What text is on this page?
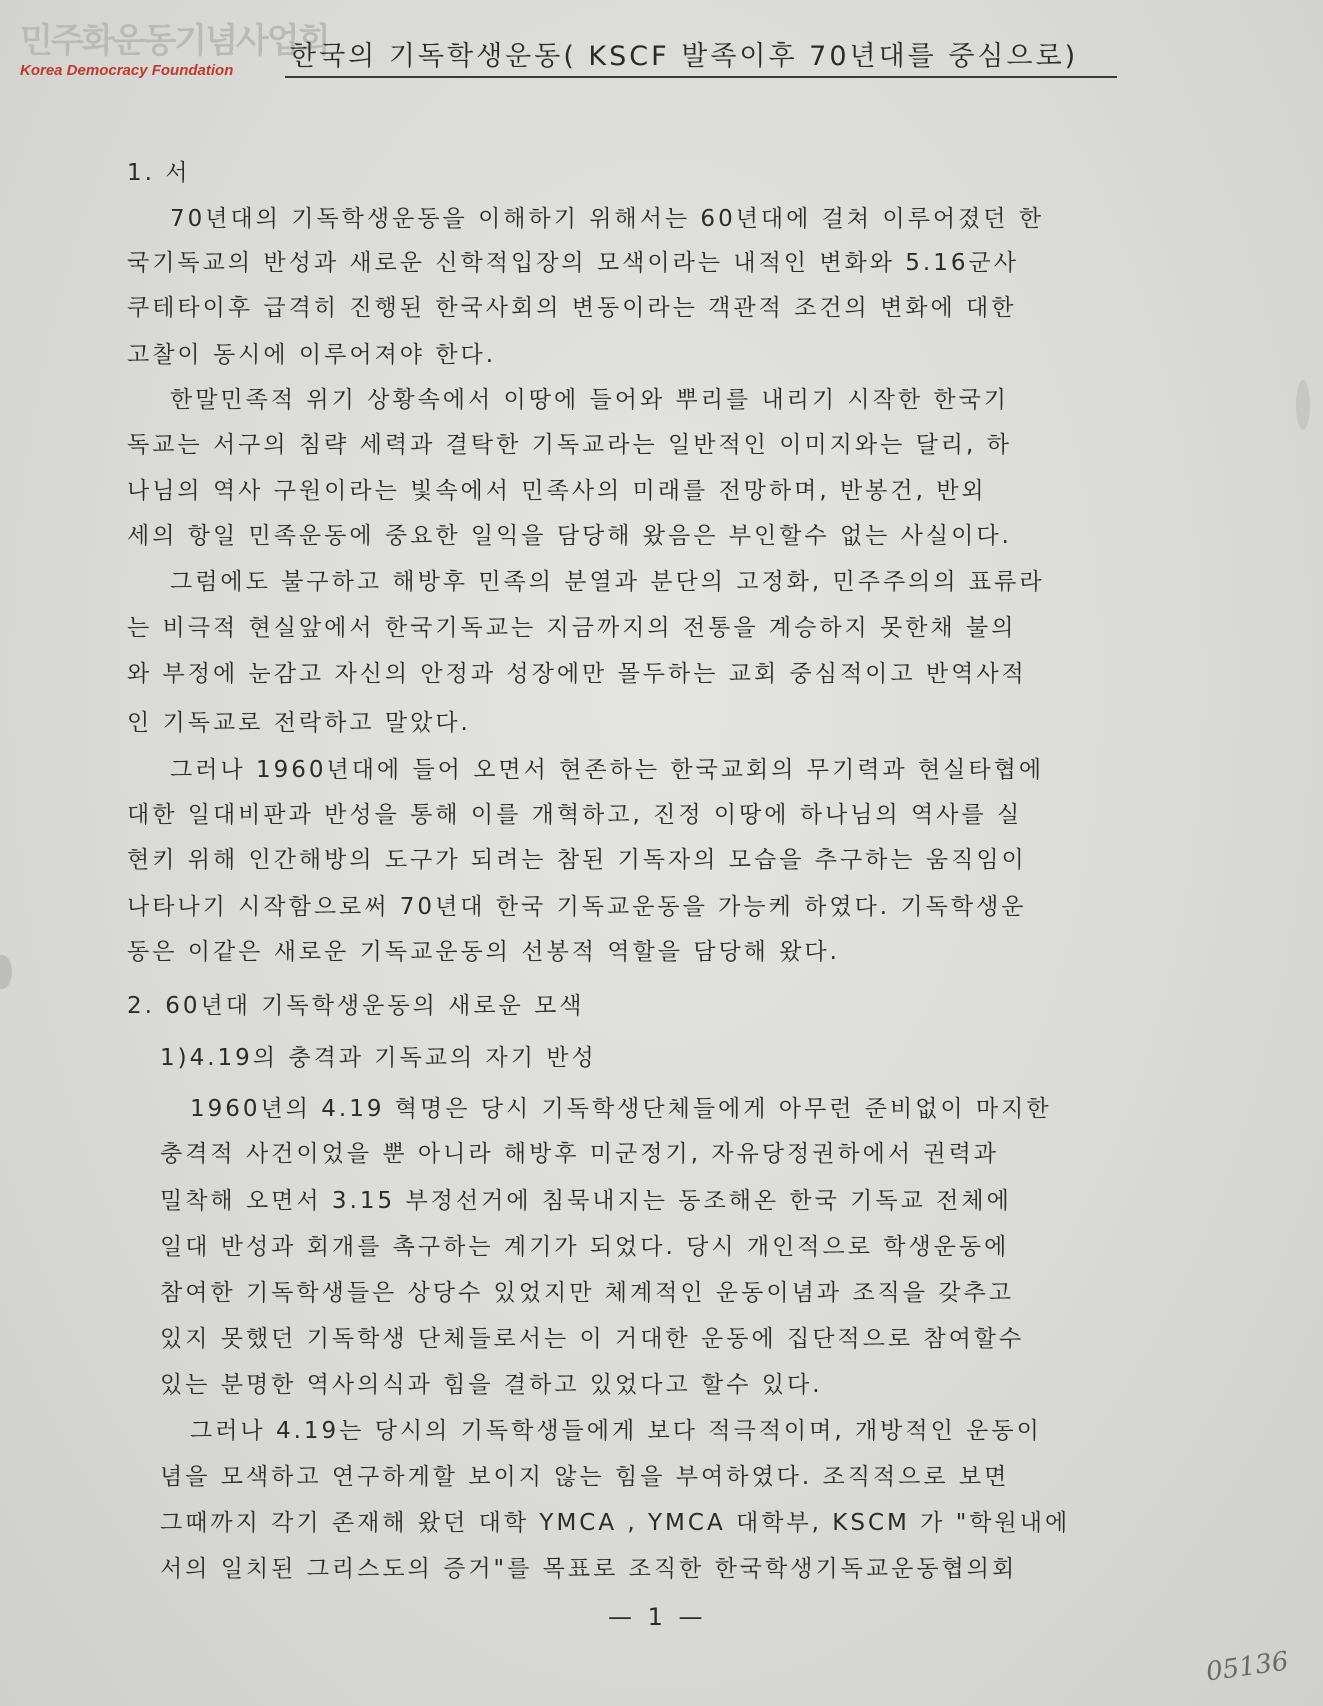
민주화운동기념사업회
Korea Democracy Foundation	한국의 기독학생운동( KSCF 발족이후 70년대를 중심으로)
1. 서
70년대의 기독학생운동을 이해하기 위해서는 60년대에 걸쳐 이루어졌던 한
국기독교의 반성과 새로운 신학적입장의 모색이라는 내적인 변화와 5.16군사
쿠테타이후 급격히 진행된 한국사회의 변동이라는 객관적 조건의 변화에 대한
고찰이 동시에 이루어져야 한다.
한말민족적 위기 상황속에서 이땅에 들어와 뿌리를 내리기 시작한 한국기
독교는 서구의 침략 세력과 결탁한 기독교라는 일반적인 이미지와는 달리, 하
나님의 역사 구원이라는 빛속에서 민족사의 미래를 전망하며, 반봉건, 반외
세의 항일 민족운동에 중요한 일익을 담당해 왔음은 부인할수 없는 사실이다.
그럼에도 불구하고 해방후 민족의 분열과 분단의 고정화, 민주주의의 표류라
는 비극적 현실앞에서 한국기독교는 지금까지의 전통을 계승하지 못한채 불의
와 부정에 눈감고 자신의 안정과 성장에만 몰두하는 교회 중심적이고 반역사적
인 기독교로 전락하고 말았다.
그러나 1960년대에 들어 오면서 현존하는 한국교회의 무기력과 현실타협에
대한 일대비판과 반성을 통해 이를 개혁하고, 진정 이땅에 하나님의 역사를 실
현키 위해 인간해방의 도구가 되려는 참된 기독자의 모습을 추구하는 움직임이
나타나기 시작함으로써 70년대 한국 기독교운동을 가능케 하였다. 기독학생운
동은 이같은 새로운 기독교운동의 선봉적 역할을 담당해 왔다.
2. 60년대 기독학생운동의 새로운 모색
1)4.19의 충격과 기독교의 자기 반성
1960년의 4.19 혁명은 당시 기독학생단체들에게 아무런 준비없이 마지한
충격적 사건이었을 뿐 아니라 해방후 미군정기, 자유당정권하에서 권력과
밀착해 오면서 3.15 부정선거에 침묵내지는 동조해온 한국 기독교 전체에
일대 반성과 회개를 촉구하는 계기가 되었다. 당시 개인적으로 학생운동에
참여한 기독학생들은 상당수 있었지만 체계적인 운동이념과 조직을 갖추고
있지 못했던 기독학생 단체들로서는 이 거대한 운동에 집단적으로 참여할수
있는 분명한 역사의식과 힘을 결하고 있었다고 할수 있다.
그러나 4.19는 당시의 기독학생들에게 보다 적극적이며, 개방적인 운동이
념을 모색하고 연구하게할 보이지 않는 힘을 부여하였다. 조직적으로 보면
그때까지 각기 존재해 왔던 대학 YMCA , YMCA 대학부, KSCM 가 "학원내에
서의 일치된 그리스도의 증거"를 목표로 조직한 한국학생기독교운동협의회
— 1 —
05136
